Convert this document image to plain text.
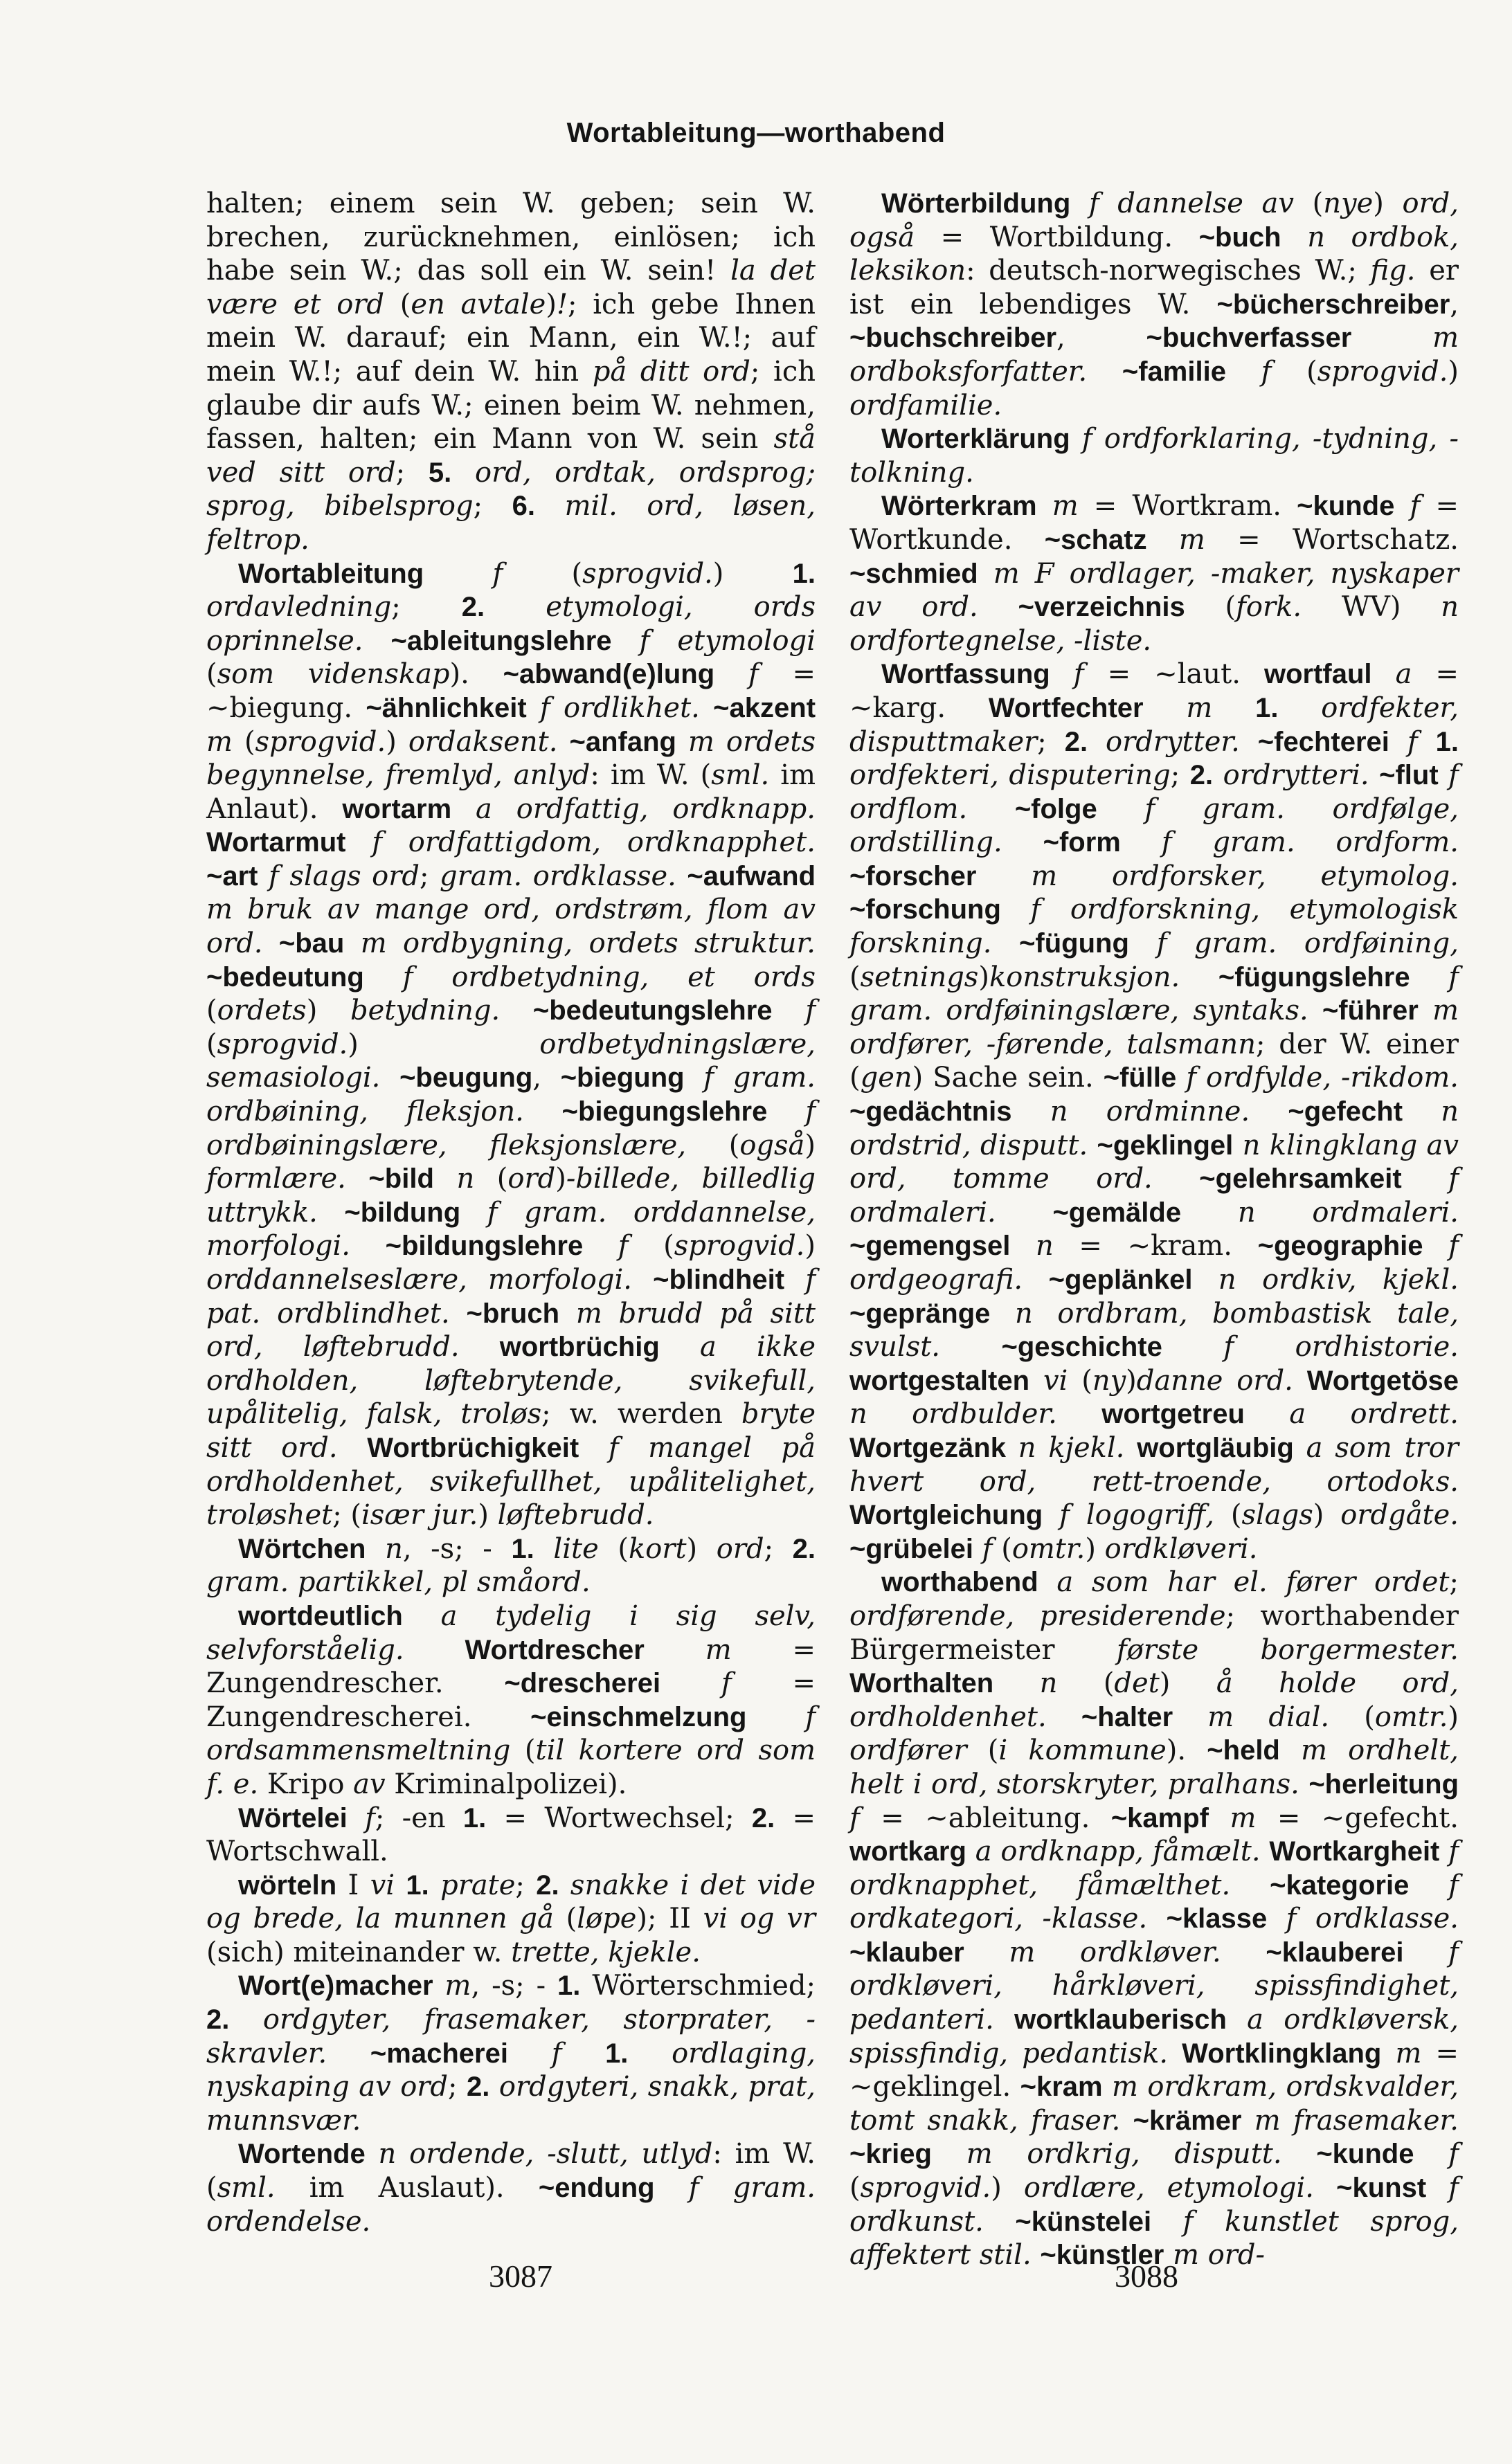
Wortableitung—worthabend

halten; einem sein W. geben; sein W. brechen, zurücknehmen, einlösen; ich habe sein W.; das soll ein W. sein! la det være et ord (en avtale)!; ich gebe Ihnen mein W. darauf; ein Mann, ein W.!; auf mein W.!; auf dein W. hin på ditt ord; ich glaube dir aufs W.; einen beim W. nehmen, fassen, halten; ein Mann von W. sein stå ved sitt ord; 5. ord, ordtak, ordsprog; sprog, bibelsprog; 6. mil. ord, løsen, feltrop.

Wortableitung f (sprogvid.) 1. ordavledning; 2. etymologi, ords oprinnelse. ~ableitungslehre f etymologi (som videnskap). ~abwand(e)lung f = ~biegung. ~ähnlichkeit f ordlikhet. ~akzent m (sprogvid.) ordaksent. ~anfang m ordets begynnelse, fremlyd, anlyd: im W. (sml. im Anlaut). wortarm a ordfattig, ordknapp. Wortarmut f ordfattigdom, ordknapphet. ~art f slags ord; gram. ordklasse. ~aufwand m bruk av mange ord, ordstrøm, flom av ord. ~bau m ordbygning, ordets struktur. ~bedeutung f ordbetydning, et ords (ordets) betydning. ~bedeutungslehre f (sprogvid.) ordbetydningslære, semasiologi. ~beugung, ~biegung f gram. ordbøining, fleksjon. ~biegungslehre f ordbøiningslære, fleksjonslære, (også) formlære. ~bild n (ord)-billede, billedlig uttrykk. ~bildung f gram. orddannelse, morfologi. ~bildungslehre f (sprogvid.) orddannelseslære, morfologi. ~blindheit f pat. ordblindhet. ~bruch m brudd på sitt ord, løftebrudd. wortbrüchig a ikke ordholden, løftebrytende, svikefull, upålitelig, falsk, troløs; w. werden bryte sitt ord. Wortbrüchigkeit f mangel på ordholdenhet, svikefullhet, upålitelighet, troløshet; (især jur.) løftebrudd.

Wörtchen n, -s; - 1. lite (kort) ord; 2. gram. partikkel, pl småord.

wortdeutlich a tydelig i sig selv, selvforståelig. Wortdrescher m = Zungendrescher. ~drescherei f = Zungendrescherei. ~einschmelzung f ordsammensmeltning (til kortere ord som f. e. Kripo av Kriminalpolizei).

Wörtelei f; -en 1. = Wortwechsel; 2. = Wortschwall.

wörteln I vi 1. prate; 2. snakke i det vide og brede, la munnen gå (løpe); II vi og vr (sich) miteinander w. trette, kjekle.

Wort(e)macher m, -s; - 1. Wörterschmied; 2. ordgyter, frasemaker, storprater, -skravler. ~macherei f 1. ordlaging, nyskaping av ord; 2. ordgyteri, snakk, prat, munnsvær.

Wortende n ordende, -slutt, utlyd: im W. (sml. im Auslaut). ~endung f gram. ordendelse.

Wörterbildung f dannelse av (nye) ord, også = Wortbildung. ~buch n ordbok, leksikon: deutsch-norwegisches W.; fig. er ist ein lebendiges W. ~bücherschreiber, ~buchschreiber, ~buchverfasser	m ordboksforfatter. ~familie f (sprogvid.) ordfamilie.

Worterklärung f ordforklaring, -tydning, -tolkning.

Wörterkram m = Wortkram. ~kunde f = Wortkunde. ~schatz m = Wortschatz. ~schmied m F ordlager, -maker, nyskaper av ord. ~verzeichnis (fork. WV) n ordfortegnelse, -liste.

Wortfassung f = ~laut. wortfaul a = ~karg. Wortfechter m 1. ordfekter, disputtmaker; 2. ordrytter. ~fechterei f 1. ordfekteri, disputering; 2. ordrytteri. ~flut f ordflom. ~folge f gram. ordfølge, ordstilling. ~form f gram. ordform. ~forscher m ordforsker, etymolog. ~forschung f ordforskning, etymologisk forskning. ~fügung f gram. ordføining, (setnings)konstruksjon. ~fügungslehre f gram. ordføiningslære, syntaks. ~führer m ordfører, -førende, talsmann; der W. einer (gen) Sache sein. ~fülle f ordfylde, -rikdom. ~gedächtnis n ordminne. ~gefecht n ordstrid, disputt. ~geklingel n klingklang av ord, tomme ord. ~gelehrsamkeit f ordmaleri. ~gemälde n ordmaleri. ~gemengsel n = ~kram. ~geographie f ordgeografi. ~geplänkel n ordkiv, kjekl. ~gepränge n ordbram, bombastisk tale, svulst. ~geschichte f ordhistorie. wortgestalten vi (ny)danne ord. Wortgetöse n ordbulder. wortgetreu a ordrett. Wortgezänk n kjekl. wortgläubig a som tror hvert ord, rett-troende, ortodoks. Wortgleichung f logogriff, (slags) ordgåte. ~grübelei f (omtr.) ordkløveri.

worthabend a som har el. fører ordet; ordførende, presiderende; worthabender Bürgermeister første borgermester. Worthalten n (det) å holde ord, ordholdenhet. ~halter m dial. (omtr.) ordfører (i kommune). ~held m ordhelt, helt i ord, storskryter, pralhans. ~herleitung f = ~ableitung. ~kampf m = ~gefecht. wortkarg a ordknapp, fåmælt. Wortkargheit f ordknapphet, fåmælthet. ~kategorie f ordkategori, -klasse. ~klasse f ordklasse. ~klauber m ordkløver. ~klauberei f ordkløveri, hårkløveri, spissfindighet, pedanteri. wortklauberisch a ordkløversk, spissfindig, pedantisk. Wortklingklang m = ~geklingel. ~kram m ordkram, ordskvalder, tomt snakk, fraser. ~krämer m frasemaker. ~krieg m ordkrig, disputt. ~kunde f (sprogvid.) ordlære, etymologi. ~kunst f ordkunst. ~künstelei f kunstlet sprog, affektert stil. ~künstler m ord-

3087	3088
